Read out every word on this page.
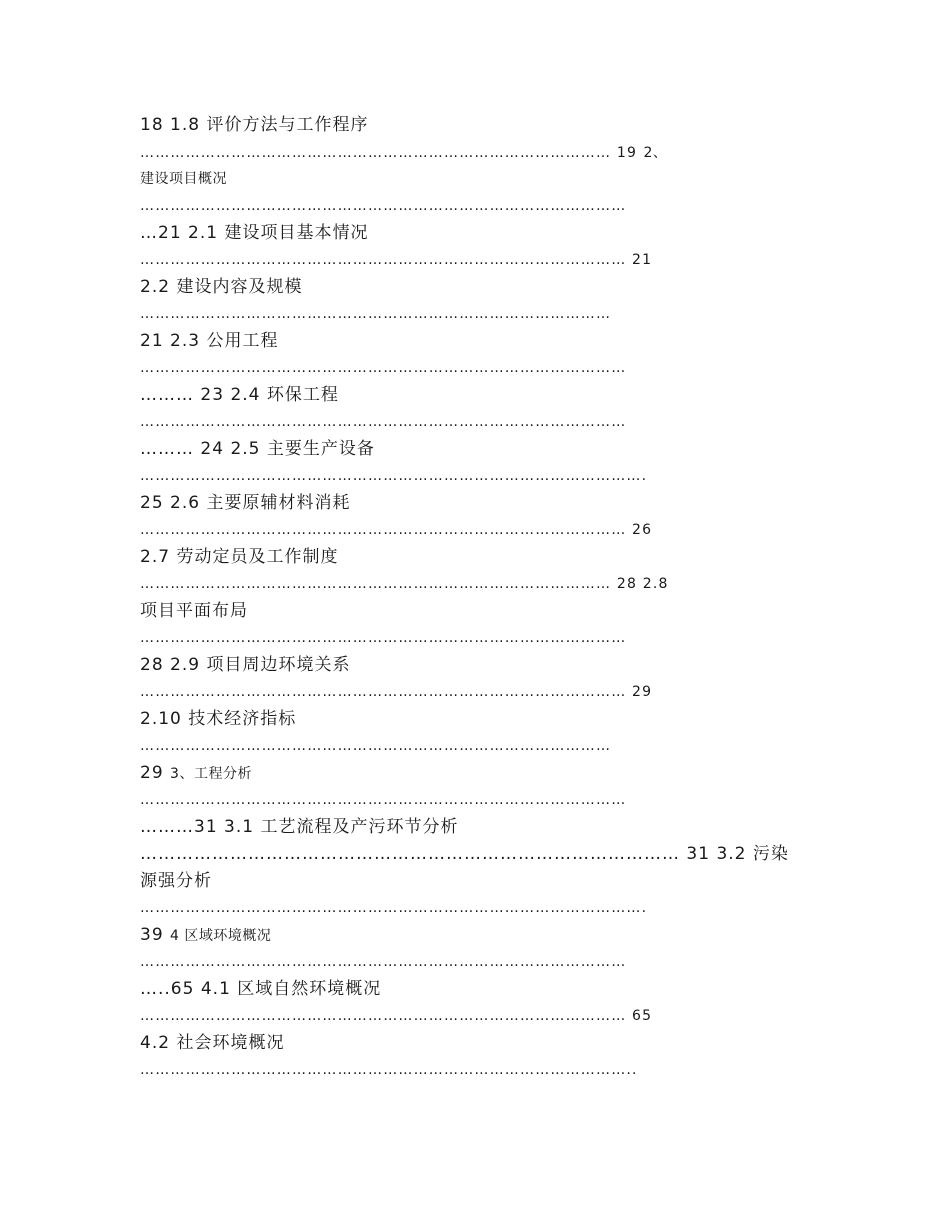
18 1.8 评价方法与工作程序
………………………………………………………………………………… 19 2、
建设项目概况
……………………………………………………………………………………
…21 2.1 建设项目基本情况
…………………………………………………………………………………… 21
2.2 建设内容及规模
…………………………………………………………………………………
21 2.3 公用工程
……………………………………………………………………………………
……… 23 2.4 环保工程
……………………………………………………………………………………
……… 24 2.5 主要生产设备
……………………………………………………………………………………….
25 2.6 主要原辅材料消耗
…………………………………………………………………………………… 26
2.7 劳动定员及工作制度
………………………………………………………………………………… 28 2.8
项目平面布局
……………………………………………………………………………………
28 2.9 项目周边环境关系
…………………………………………………………………………………… 29
2.10 技术经济指标
…………………………………………………………………………………
29 3、工程分析
……………………………………………………………………………………
………31 3.1 工艺流程及产污环节分析
……………………………………………………………………………… 31 3.2 污染
源强分析
……………………………………………………………………………………….
39 4 区域环境概况
……………………………………………………………………………………
…..65 4.1 区域自然环境概况
…………………………………………………………………………………… 65
4.2 社会环境概况
……………………………………………………………………………………..
